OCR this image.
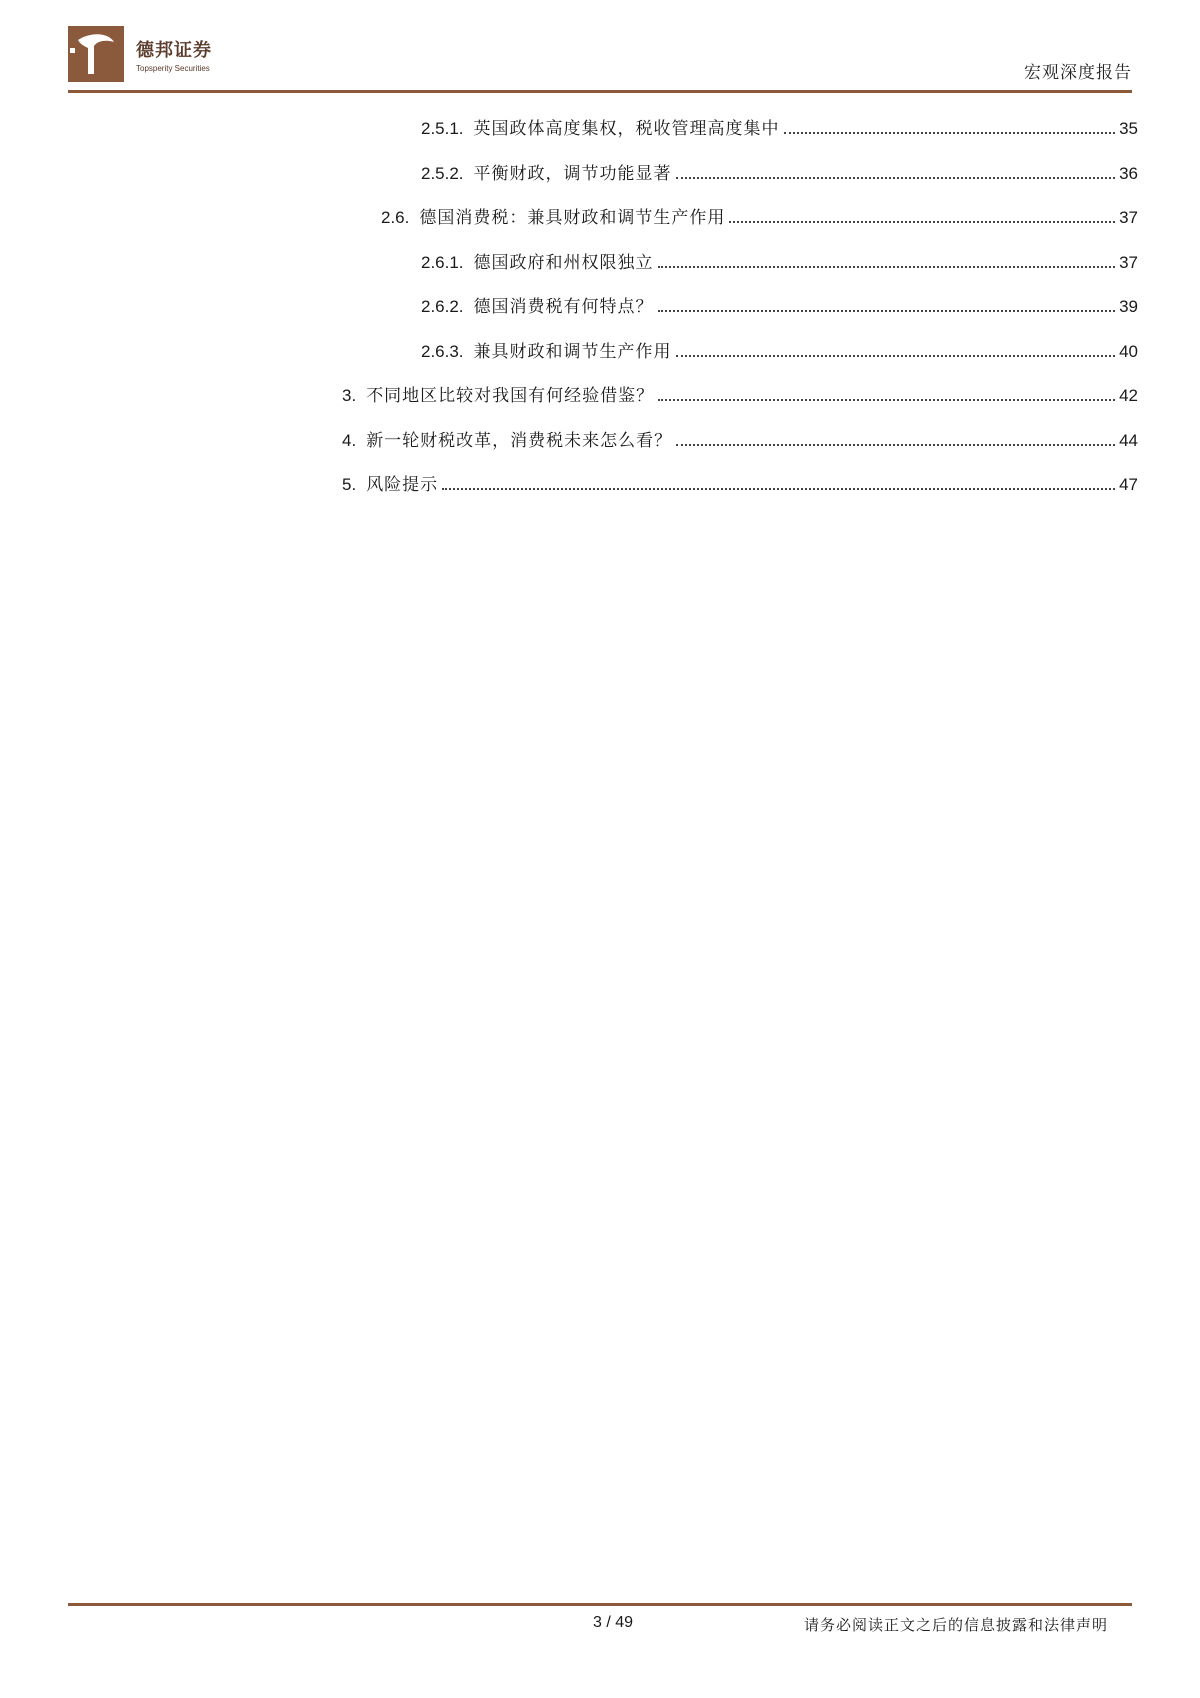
德邦证券
Topsperity Securities	宏观深度报告
2.5.1. 英国政体高度集权，税收管理高度集中	35
2.5.2. 平衡财政，调节功能显著	36
2.6. 德国消费税：兼具财政和调节生产作用	37
2.6.1. 德国政府和州权限独立	37
2.6.2. 德国消费税有何特点？	39
2.6.3. 兼具财政和调节生产作用	40
3. 不同地区比较对我国有何经验借鉴？	42
4. 新一轮财税改革，消费税未来怎么看？	44
5. 风险提示	47
3 / 49	请务必阅读正文之后的信息披露和法律声明
